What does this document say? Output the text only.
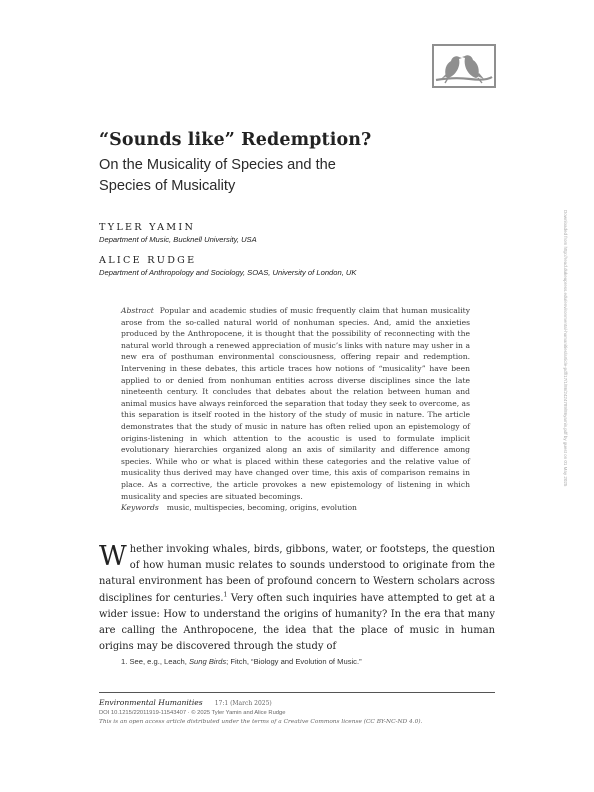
“Sounds like” Redemption?
On the Musicality of Species and the
Species of Musicality
TYLER YAMIN
Department of Music, Bucknell University, USA
ALICE RUDGE
Department of Anthropology and Sociology, SOAS, University of London, UK	Downloaded from http://read.dukeupress.edu/environmental-humanities/article-pdf/17/1/86/2424789/86yamin.pdf by guest on 01 May 2025
Abstract Popular and academic studies of music frequently claim that human musicality arose from the so-called natural world of nonhuman species. And, amid the anxieties produced by the Anthropocene, it is thought that the possibility of reconnecting with the natural world through a renewed appreciation of music’s links with nature may usher in a new era of posthuman environmental consciousness, offering repair and redemption. Intervening in these debates, this article traces how notions of “musicality” have been applied to or denied from nonhuman entities across diverse disciplines since the late nineteenth century. It concludes that debates about the relation between human and animal musics have always reinforced the separation that today they seek to overcome, as this separation is itself rooted in the history of the study of music in nature. The article demonstrates that the study of music in nature has often relied upon an epistemology of origins-listening in which attention to the acoustic is used to formulate implicit evolutionary hierarchies organized along an axis of similarity and difference among species. While who or what is placed within these categories and the relative value of musicality thus derived may have changed over time, this axis of comparison remains in place. As a corrective, the article provokes a new epistemology of listening in which musicality and species are situated becomings.
Keywords music, multispecies, becoming, origins, evolution
Whether invoking whales, birds, gibbons, water, or footsteps, the question of how human music relates to sounds understood to originate from the natural environment has been of profound concern to Western scholars across disciplines for centuries.$^1$ Very often such inquiries have attempted to get at a wider issue: How to understand the origins of humanity? In the era that many are calling the Anthropocene, the idea that the place of music in human origins may be discovered through the study of
1. See, e.g., Leach, Sung Birds; Fitch, “Biology and Evolution of Music.”
Environmental Humanities 17:1 (March 2025)
DOI 10.1215/22011919-11543407 · © 2025 Tyler Yamin and Alice Rudge
This is an open access article distributed under the terms of a Creative Commons license (CC BY-NC-ND 4.0).
